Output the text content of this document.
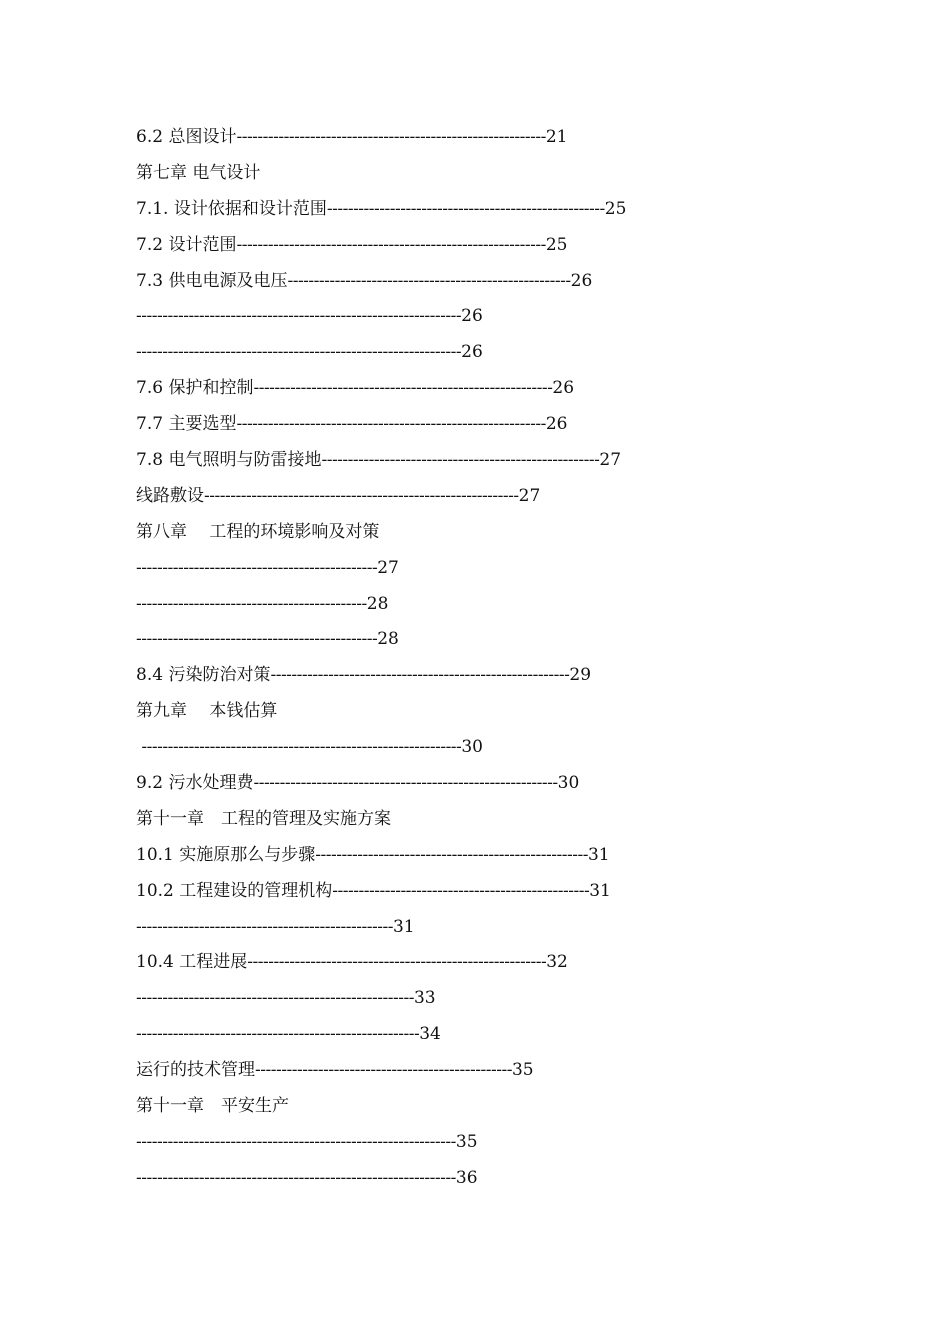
6.2 总图设计-----------------------------------------------------------21
第七章 电气设计
7.1. 设计依据和设计范围-----------------------------------------------------25
7.2 设计范围-----------------------------------------------------------25
7.3 供电电源及电压------------------------------------------------------26
--------------------------------------------------------------26
--------------------------------------------------------------26
7.6 保护和控制---------------------------------------------------------26
7.7 主要选型-----------------------------------------------------------26
7.8 电气照明与防雷接地-----------------------------------------------------27
线路敷设------------------------------------------------------------27
第八章　 工程的环境影响及对策
----------------------------------------------27
--------------------------------------------28
----------------------------------------------28
8.4 污染防治对策---------------------------------------------------------29
第九章　 本钱估算
-------------------------------------------------------------30
9.2 污水处理费----------------------------------------------------------30
第十一章　工程的管理及实施方案
10.1 实施原那么与步骤----------------------------------------------------31
10.2 工程建设的管理机构-------------------------------------------------31
-------------------------------------------------31
10.4 工程进展---------------------------------------------------------32
-----------------------------------------------------33
------------------------------------------------------34
运行的技术管理-------------------------------------------------35
第十一章　平安生产
-------------------------------------------------------------35
-------------------------------------------------------------36
